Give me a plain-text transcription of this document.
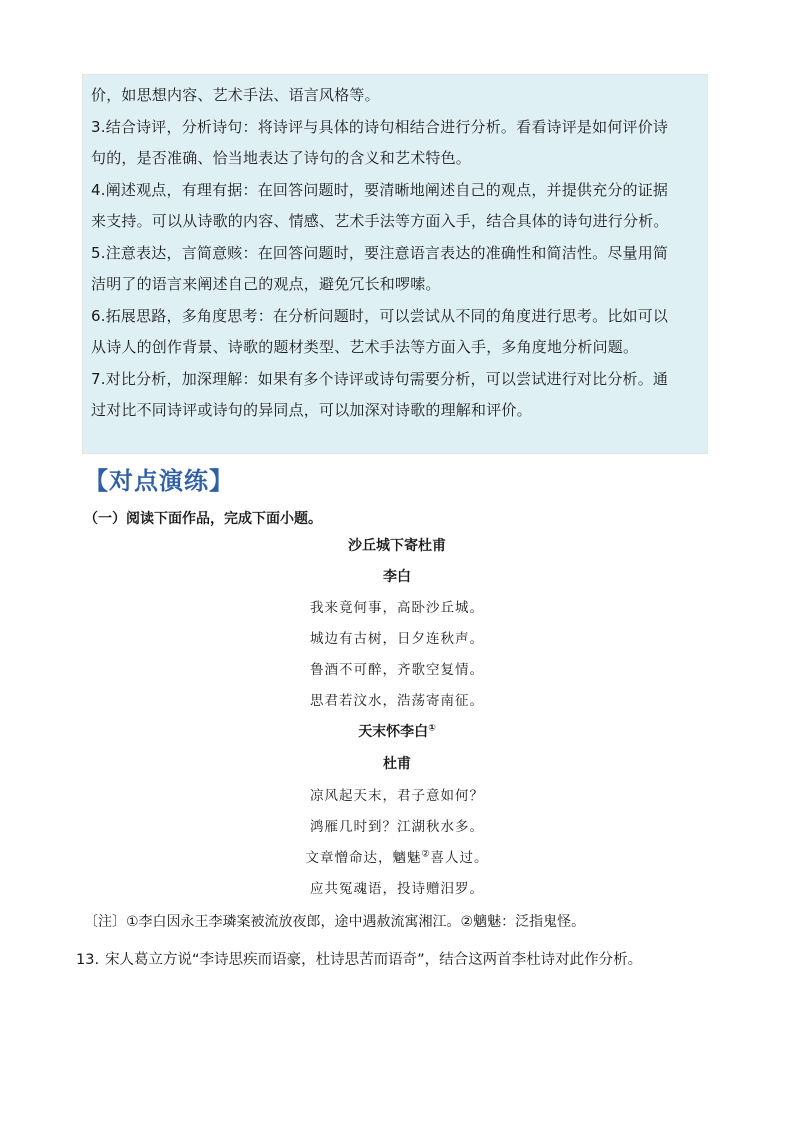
价，如思想内容、艺术手法、语言风格等。
3.结合诗评，分析诗句：将诗评与具体的诗句相结合进行分析。看看诗评是如何评价诗
句的，是否准确、恰当地表达了诗句的含义和艺术特色。
4.阐述观点，有理有据：在回答问题时，要清晰地阐述自己的观点，并提供充分的证据
来支持。可以从诗歌的内容、情感、艺术手法等方面入手，结合具体的诗句进行分析。
5.注意表达，言简意赅：在回答问题时，要注意语言表达的准确性和简洁性。尽量用简
洁明了的语言来阐述自己的观点，避免冗长和啰嗦。
6.拓展思路，多角度思考：在分析问题时，可以尝试从不同的角度进行思考。比如可以
从诗人的创作背景、诗歌的题材类型、艺术手法等方面入手，多角度地分析问题。
7.对比分析，加深理解：如果有多个诗评或诗句需要分析，可以尝试进行对比分析。通
过对比不同诗评或诗句的异同点，可以加深对诗歌的理解和评价。
【对点演练】
（一）阅读下面作品，完成下面小题。
沙丘城下寄杜甫
李白
我来竟何事，高卧沙丘城。
城边有古树，日夕连秋声。
鲁酒不可醉，齐歌空复情。
思君若汶水，浩荡寄南征。
天末怀李白①
杜甫
凉风起天末，君子意如何？
鸿雁几时到？江湖秋水多。
文章憎命达，魑魅②喜人过。
应共冤魂语，投诗赠汨罗。
〔注〕①李白因永王李璘案被流放夜郎，途中遇赦流寓湘江。②魑魅：泛指鬼怪。
13. 宋人葛立方说“李诗思疾而语豪，杜诗思苦而语奇”，结合这两首李杜诗对此作分析。
